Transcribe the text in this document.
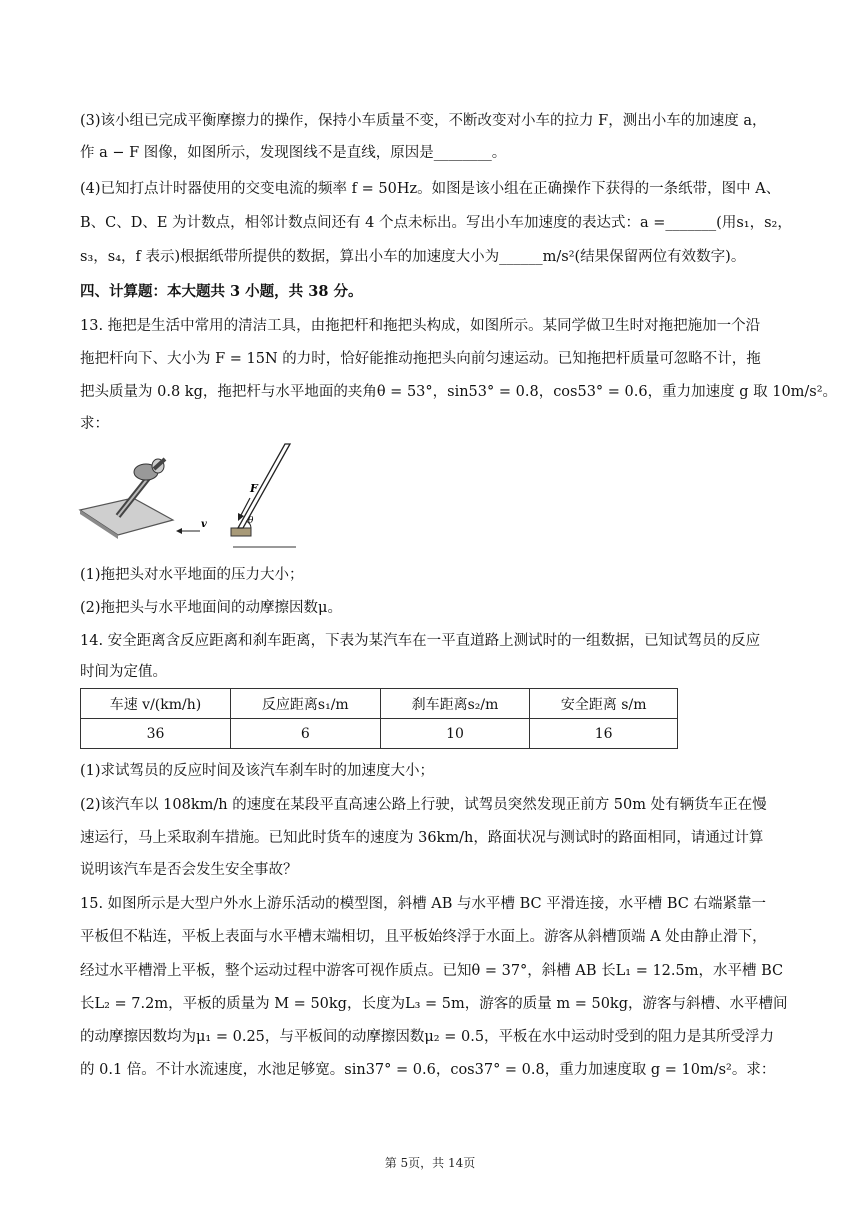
(3)该小组已完成平衡摩擦力的操作，保持小车质量不变，不断改变对小车的拉力 F，测出小车的加速度 a，
作 a − F 图像，如图所示，发现图线不是直线，原因是________。
(4)已知打点计时器使用的交变电流的频率 f = 50Hz。如图是该小组在正确操作下获得的一条纸带，图中 A、
B、C、D、E 为计数点，相邻计数点间还有 4 个点未标出。写出小车加速度的表达式：a =_______(用s₁，s₂，
s₃，s₄，f 表示)根据纸带所提供的数据，算出小车的加速度大小为______m/s²(结果保留两位有效数字)。
四、计算题：本大题共 3 小题，共 38 分。
13. 拖把是生活中常用的清洁工具，由拖把杆和拖把头构成，如图所示。某同学做卫生时对拖把施加一个沿
拖把杆向下、大小为 F = 15N 的力时，恰好能推动拖把头向前匀速运动。已知拖把杆质量可忽略不计，拖
把头质量为 0.8 kg，拖把杆与水平地面的夹角θ = 53°，sin53° = 0.8，cos53° = 0.6，重力加速度 g 取 10m/s²。
求：
F
v	θ
(1)拖把头对水平地面的压力大小；
(2)拖把头与水平地面间的动摩擦因数μ。
14. 安全距离含反应距离和刹车距离，下表为某汽车在一平直道路上测试时的一组数据，已知试驾员的反应
时间为定值。
车速 v/(km/h)	反应距离s₁/m	刹车距离s₂/m	安全距离 s/m
36	6	10	16
(1)求试驾员的反应时间及该汽车刹车时的加速度大小；
(2)该汽车以 108km/h 的速度在某段平直高速公路上行驶，试驾员突然发现正前方 50m 处有辆货车正在慢
速运行，马上采取刹车措施。已知此时货车的速度为 36km/h，路面状况与测试时的路面相同，请通过计算
说明该汽车是否会发生安全事故？
15. 如图所示是大型户外水上游乐活动的模型图，斜槽 AB 与水平槽 BC 平滑连接，水平槽 BC 右端紧靠一
平板但不粘连，平板上表面与水平槽末端相切，且平板始终浮于水面上。游客从斜槽顶端 A 处由静止滑下，
经过水平槽滑上平板，整个运动过程中游客可视作质点。已知θ = 37°，斜槽 AB 长L₁ = 12.5m，水平槽 BC
长L₂ = 7.2m，平板的质量为 M = 50kg，长度为L₃ = 5m，游客的质量 m = 50kg，游客与斜槽、水平槽间
的动摩擦因数均为μ₁ = 0.25，与平板间的动摩擦因数μ₂ = 0.5，平板在水中运动时受到的阻力是其所受浮力
的 0.1 倍。不计水流速度，水池足够宽。sin37° = 0.6，cos37° = 0.8，重力加速度取 g = 10m/s²。求：
第 5页，共 14页
